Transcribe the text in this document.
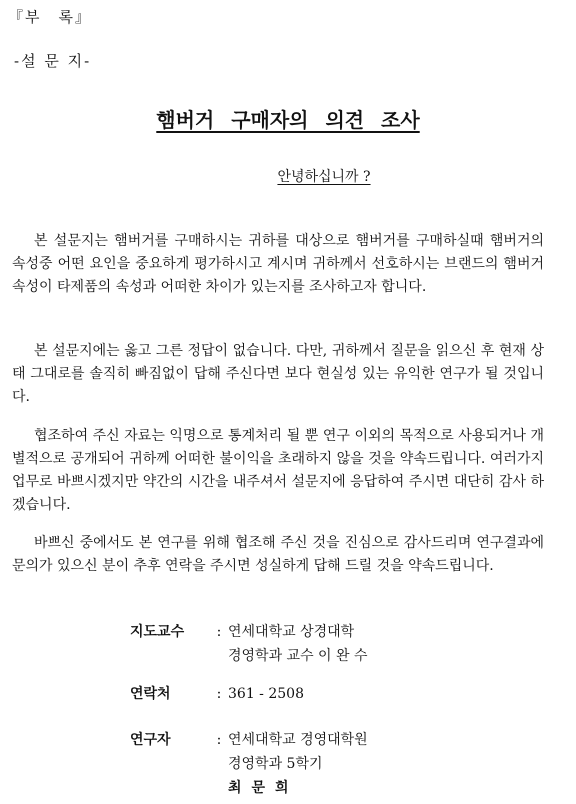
『부　록』
-설 문 지-
햄버거 구매자의 의견 조사
안녕하십니까 ?

본 설문지는 햄버거를 구매하시는 귀하를 대상으로 햄버거를 구매하실때 햄버거의 속성중 어떤 요인을 중요하게 평가하시고 계시며 귀하께서 선호하시는 브랜드의 햄버거 속성이 타제품의 속성과 어떠한 차이가 있는지를 조사하고자 합니다.

본 설문지에는 옳고 그른 정답이 없습니다. 다만, 귀하께서 질문을 읽으신 후 현재 상태 그대로를 솔직히 빠짐없이 답해 주신다면 보다 현실성 있는 유익한 연구가 될 것입니다.

협조하여 주신 자료는 익명으로 통계처리 될 뿐 연구 이외의 목적으로 사용되거나 개별적으로 공개되어 귀하께 어떠한 불이익을 초래하지 않을 것을 약속드립니다. 여러가지 업무로 바쁘시겠지만 약간의 시간을 내주셔서 설문지에 응답하여 주시면 대단히 감사 하겠습니다.

바쁘신 중에서도 본 연구를 위해 협조해 주신 것을 진심으로 감사드리며 연구결과에 문의가 있으신 분이 추후 연락을 주시면 성실하게 답해 드릴 것을 약속드립니다.

지도교수	: 연세대학교 상경대학
경영학과 교수 이 완 수
연락처	: 361 - 2508
연구자	: 연세대학교 경영대학원
경영학과 5학기
최문희
